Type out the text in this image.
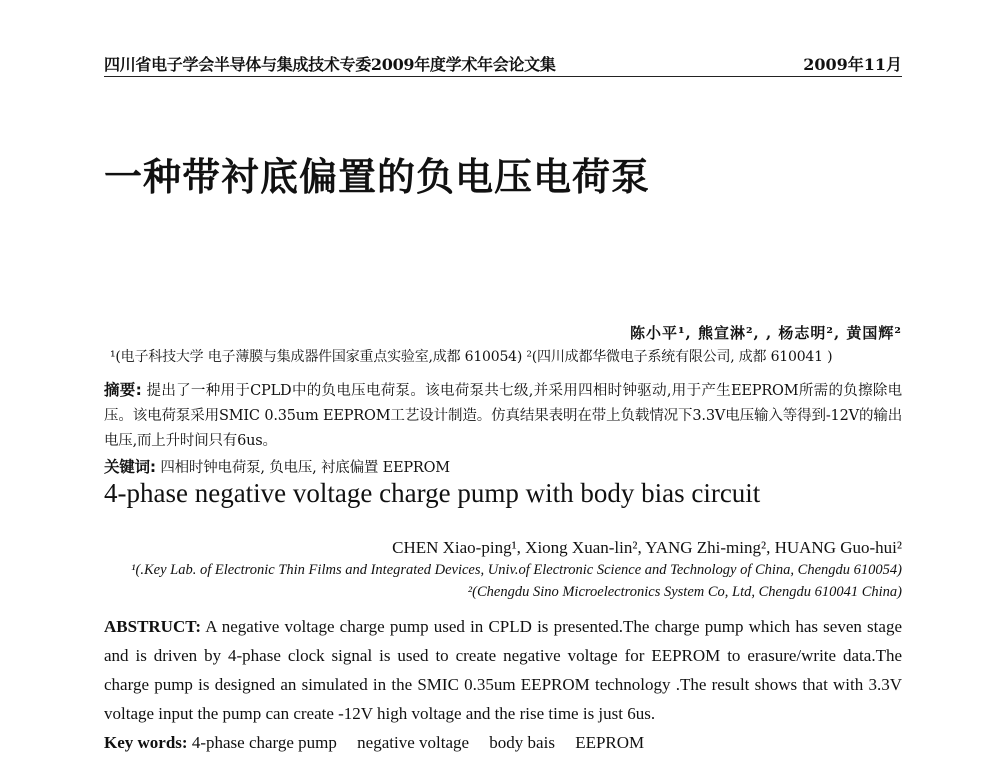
四川省电子学会半导体与集成技术专委2009年度学术年会论文集	2009年11月
一种带衬底偏置的负电压电荷泵
陈小平¹, 熊宣淋², , 杨志明², 黄国辉²
¹(电子科技大学 电子薄膜与集成器件国家重点实验室,成都 610054) ²(四川成都华微电子系统有限公司, 成都 610041 )
摘要: 提出了一种用于CPLD中的负电压电荷泵。该电荷泵共七级,并采用四相时钟驱动,用于产生EEPROM所需的负擦除电压。该电荷泵采用SMIC 0.35um EEPROM工艺设计制造。仿真结果表明在带上负载情况下3.3V电压输入等得到-12V的输出电压,而上升时间只有6us。
关键词: 四相时钟电荷泵, 负电压, 衬底偏置 EEPROM
4-phase negative voltage charge pump with body bias circuit
CHEN Xiao-ping¹, Xiong Xuan-lin², YANG Zhi-ming², HUANG Guo-hui²
¹(.Key Lab. of Electronic Thin Films and Integrated Devices, Univ.of Electronic Science and Technology of China, Chengdu 610054)
²(Chengdu Sino Microelectronics System Co, Ltd, Chengdu 610041 China)
ABSTRUCT: A negative voltage charge pump used in CPLD is presented.The charge pump which has seven stage and is driven by 4-phase clock signal is used to create negative voltage for EEPROM to erasure/write data.The charge pump is designed an simulated in the SMIC 0.35um EEPROM technology .The result shows that with 3.3V voltage input the pump can create -12V high voltage and the rise time is just 6us.
Key words: 4-phase charge pump negative voltage body bais EEPROM
